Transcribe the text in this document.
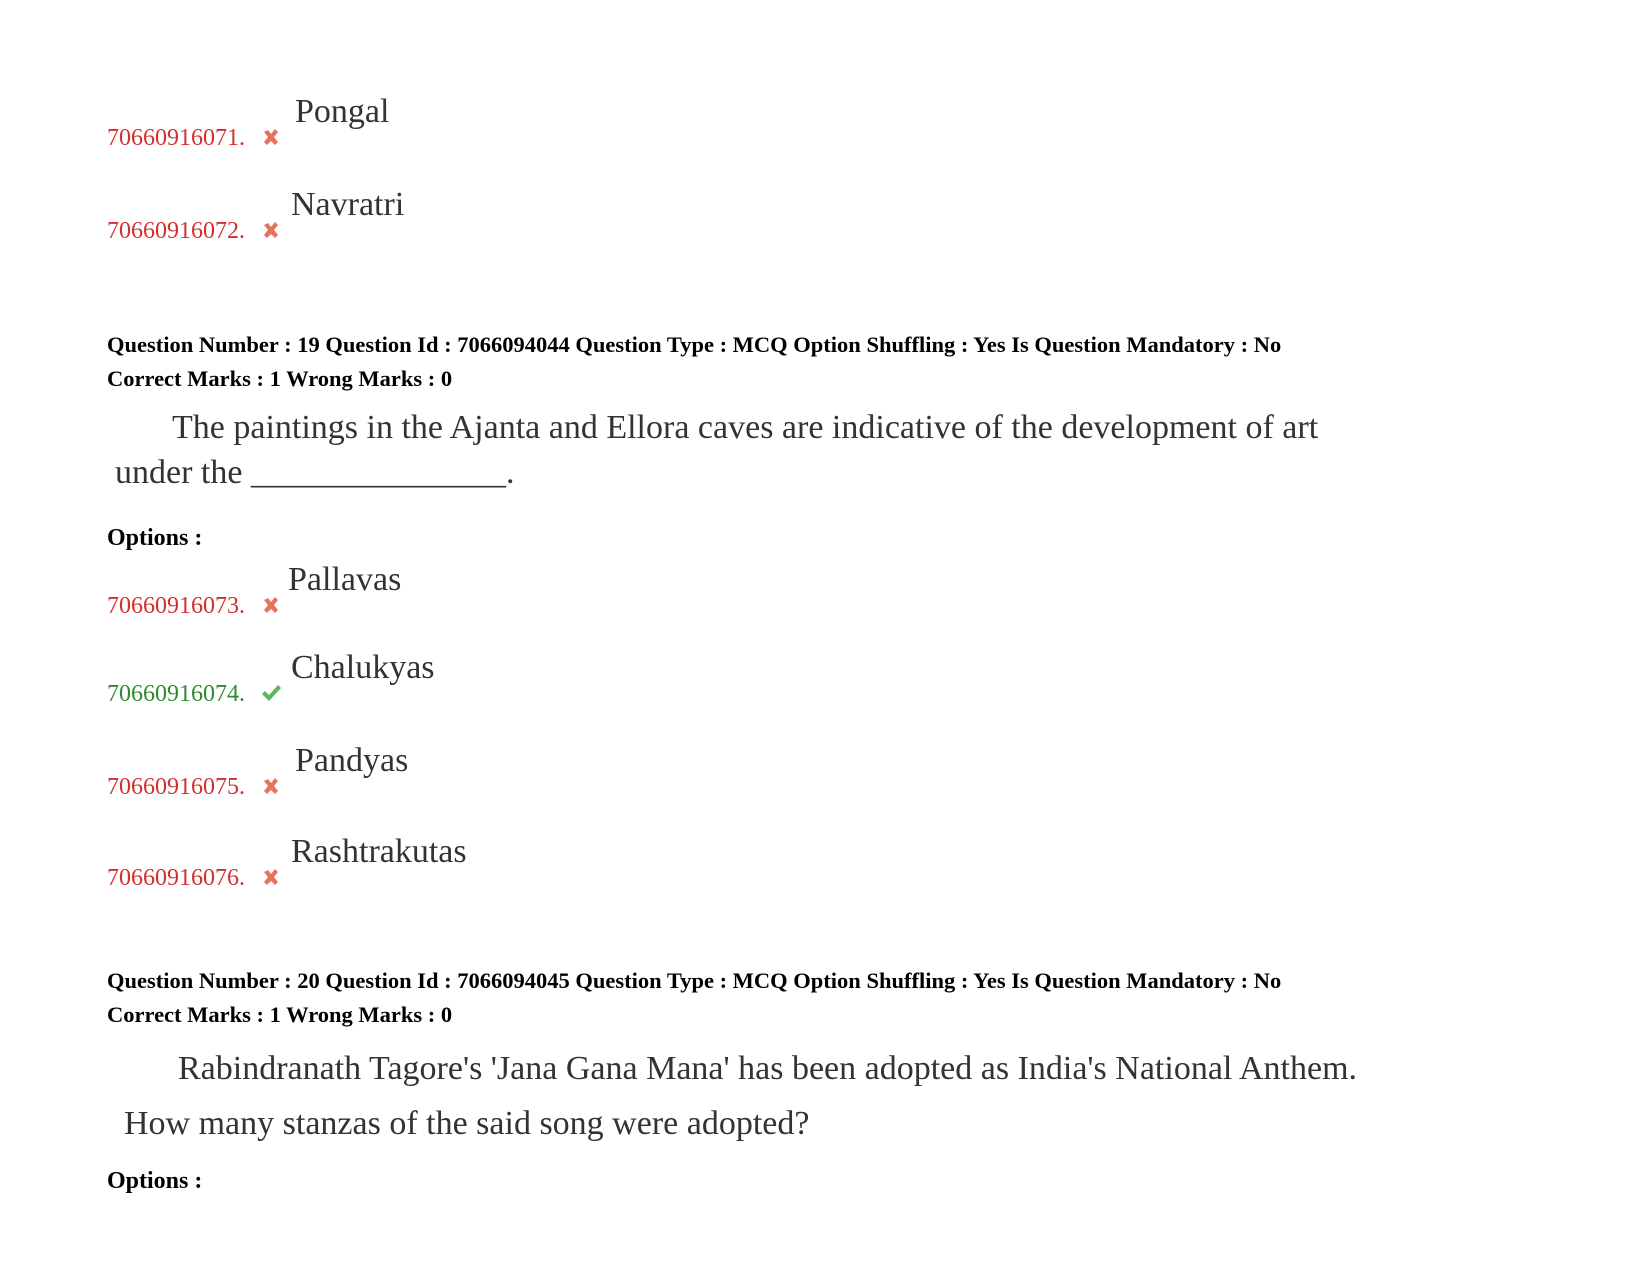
70660916071.
Pongal
70660916072.
Navratri
Question Number : 19 Question Id : 7066094044 Question Type : MCQ Option Shuffling : Yes Is Question Mandatory : No
Correct Marks : 1 Wrong Marks : 0
The paintings in the Ajanta and Ellora caves are indicative of the development of art
under the _______________.
Options :
70660916073.
Pallavas
70660916074.
Chalukyas
70660916075.
Pandyas
70660916076.
Rashtrakutas
Question Number : 20 Question Id : 7066094045 Question Type : MCQ Option Shuffling : Yes Is Question Mandatory : No
Correct Marks : 1 Wrong Marks : 0
Rabindranath Tagore's 'Jana Gana Mana' has been adopted as India's National Anthem.
How many stanzas of the said song were adopted?
Options :
